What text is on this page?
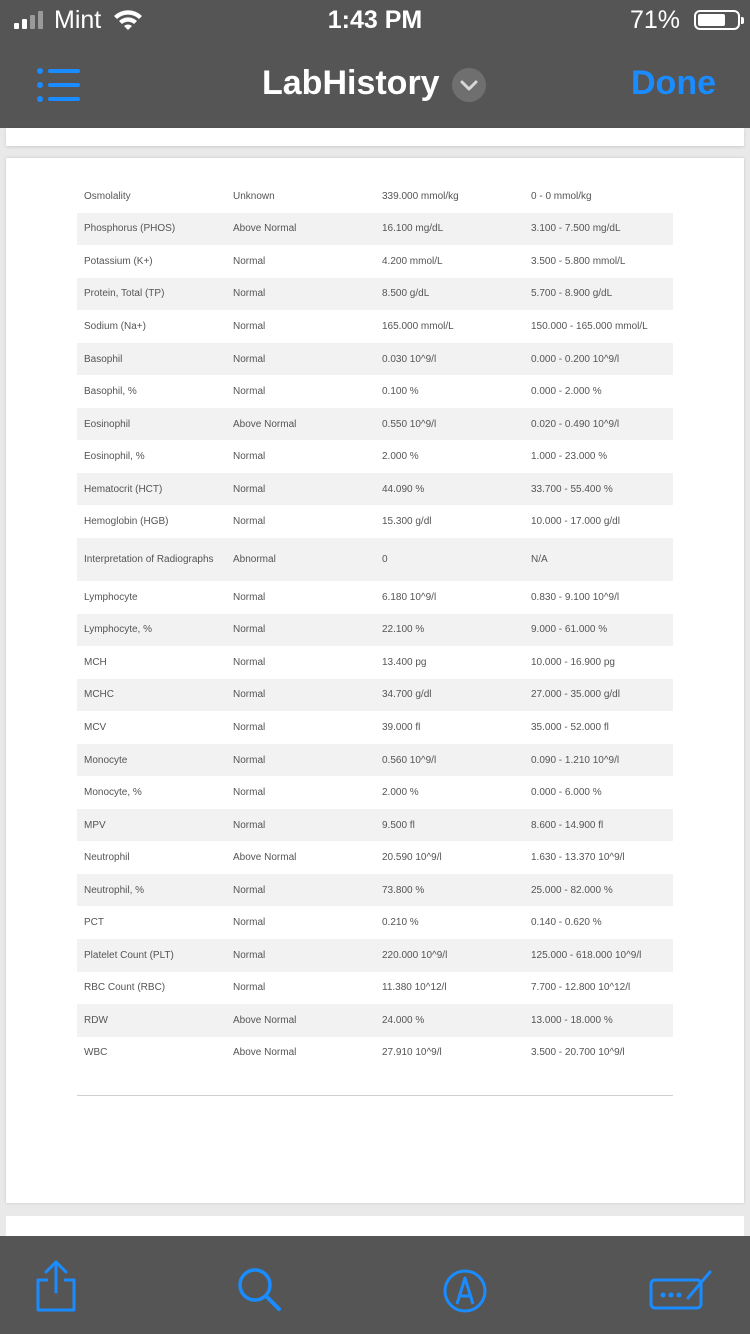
Mint	1:43 PM	71%
LabHistory	Done
Osmolality	Unknown	339.000 mmol/kg	0 - 0 mmol/kg
Phosphorus (PHOS)	Above Normal	16.100 mg/dL	3.100 - 7.500 mg/dL
Potassium (K+)	Normal	4.200 mmol/L	3.500 - 5.800 mmol/L
Protein, Total (TP)	Normal	8.500 g/dL	5.700 - 8.900 g/dL
Sodium (Na+)	Normal	165.000 mmol/L	150.000 - 165.000 mmol/L
Basophil	Normal	0.030 10^9/l	0.000 - 0.200 10^9/l
Basophil, %	Normal	0.100 %	0.000 - 2.000 %
Eosinophil	Above Normal	0.550 10^9/l	0.020 - 0.490 10^9/l
Eosinophil, %	Normal	2.000 %	1.000 - 23.000 %
Hematocrit (HCT)	Normal	44.090 %	33.700 - 55.400 %
Hemoglobin (HGB)	Normal	15.300 g/dl	10.000 - 17.000 g/dl
Interpretation of Radiographs	Abnormal	0	N/A
Lymphocyte	Normal	6.180 10^9/l	0.830 - 9.100 10^9/l
Lymphocyte, %	Normal	22.100 %	9.000 - 61.000 %
MCH	Normal	13.400 pg	10.000 - 16.900 pg
MCHC	Normal	34.700 g/dl	27.000 - 35.000 g/dl
MCV	Normal	39.000 fl	35.000 - 52.000 fl
Monocyte	Normal	0.560 10^9/l	0.090 - 1.210 10^9/l
Monocyte, %	Normal	2.000 %	0.000 - 6.000 %
MPV	Normal	9.500 fl	8.600 - 14.900 fl
Neutrophil	Above Normal	20.590 10^9/l	1.630 - 13.370 10^9/l
Neutrophil, %	Normal	73.800 %	25.000 - 82.000 %
PCT	Normal	0.210 %	0.140 - 0.620 %
Platelet Count (PLT)	Normal	220.000 10^9/l	125.000 - 618.000 10^9/l
RBC Count (RBC)	Normal	11.380 10^12/l	7.700 - 12.800 10^12/l
RDW	Above Normal	24.000 %	13.000 - 18.000 %
WBC	Above Normal	27.910 10^9/l	3.500 - 20.700 10^9/l
